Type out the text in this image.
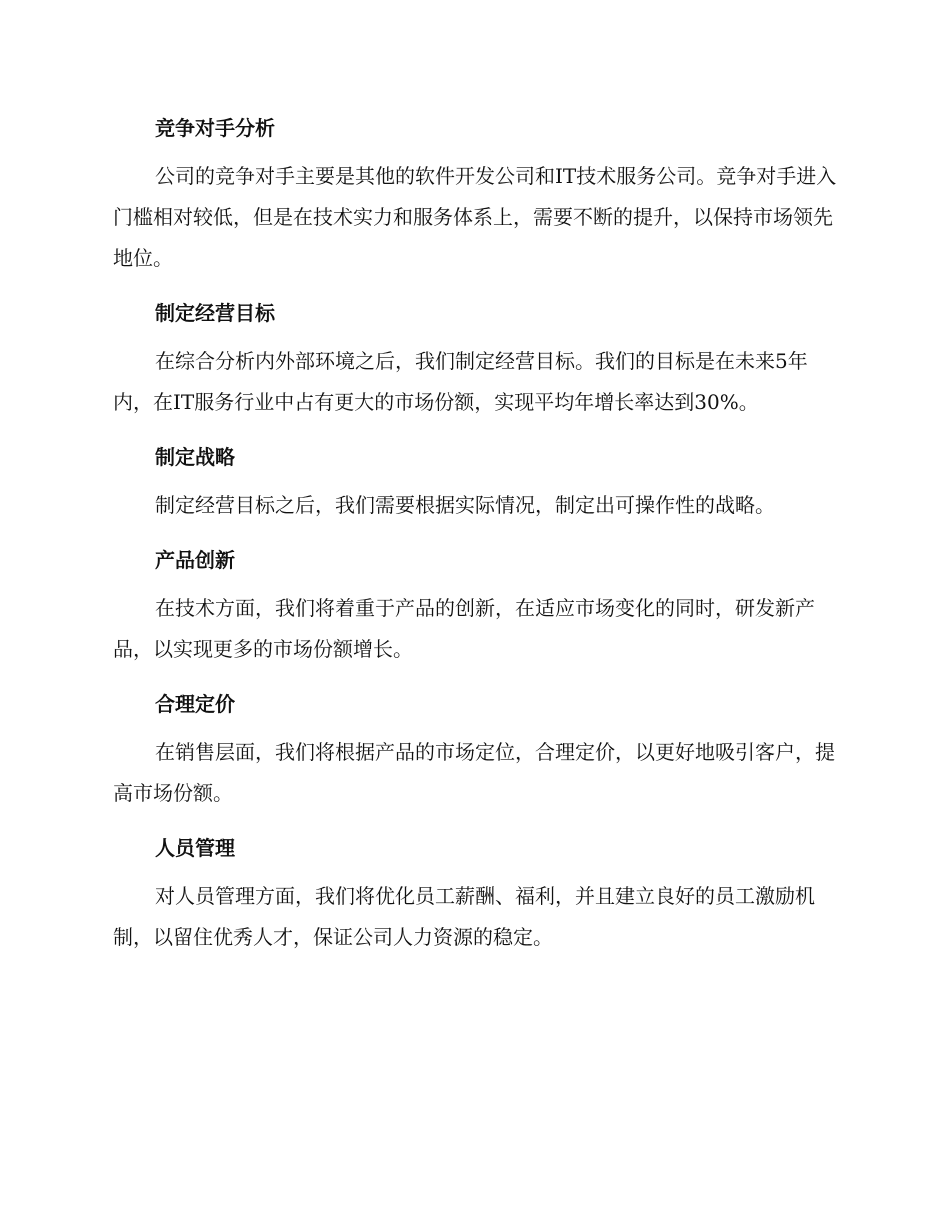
竞争对手分析

公司的竞争对手主要是其他的软件开发公司和IT技术服务公司。竞争对手进入门槛相对较低，但是在技术实力和服务体系上，需要不断的提升，以保持市场领先地位。

制定经营目标

在综合分析内外部环境之后，我们制定经营目标。我们的目标是在未来5年内，在IT服务行业中占有更大的市场份额，实现平均年增长率达到30%。

制定战略

制定经营目标之后，我们需要根据实际情况，制定出可操作性的战略。

产品创新

在技术方面，我们将着重于产品的创新，在适应市场变化的同时，研发新产品，以实现更多的市场份额增长。

合理定价

在销售层面，我们将根据产品的市场定位，合理定价，以更好地吸引客户，提高市场份额。

人员管理

对人员管理方面，我们将优化员工薪酬、福利，并且建立良好的员工激励机制，以留住优秀人才，保证公司人力资源的稳定。
